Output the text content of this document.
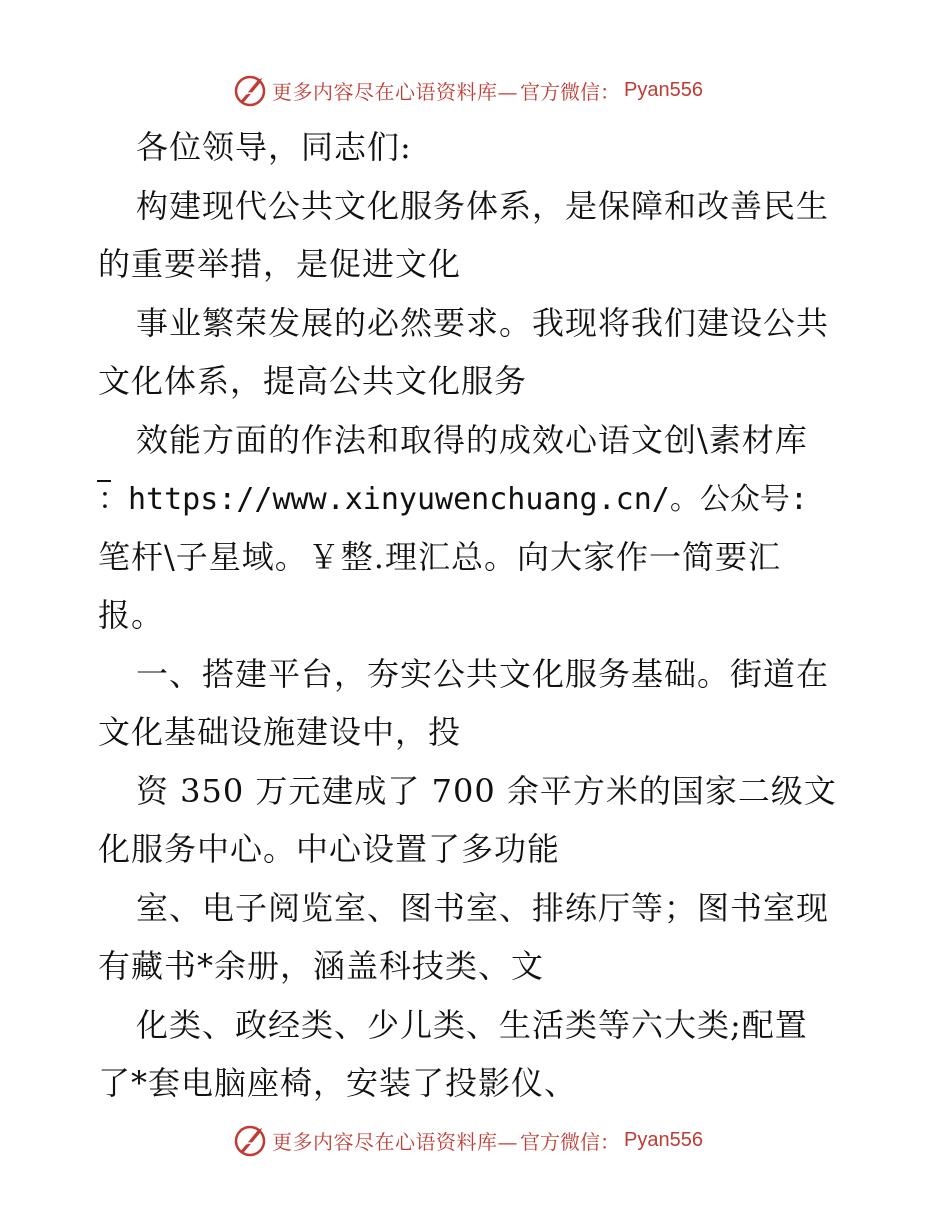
更多内容尽在心语资料库— 官方微信： Pyan556
各位领导，同志们:
构建现代公共文化服务体系，是保障和改善民生
的重要举措，是促进文化
事业繁荣发展的必然要求。我现将我们建设公共
文化体系，提高公共文化服务
效能方面的作法和取得的成效心语文创\素材库
：https://www.xinyuwenchuang.cn/。公众号:
笔杆\子星域。￥整.理汇总。向大家作一简要汇
报。
一、搭建平台，夯实公共文化服务基础。街道在
文化基础设施建设中，投
资 350 万元建成了 700 余平方米的国家二级文
化服务中心。中心设置了多功能
室、电子阅览室、图书室、排练厅等；图书室现
有藏书*余册，涵盖科技类、文
化类、政经类、少儿类、生活类等六大类;配置
了*套电脑座椅，安装了投影仪、
更多内容尽在心语资料库— 官方微信： Pyan556
